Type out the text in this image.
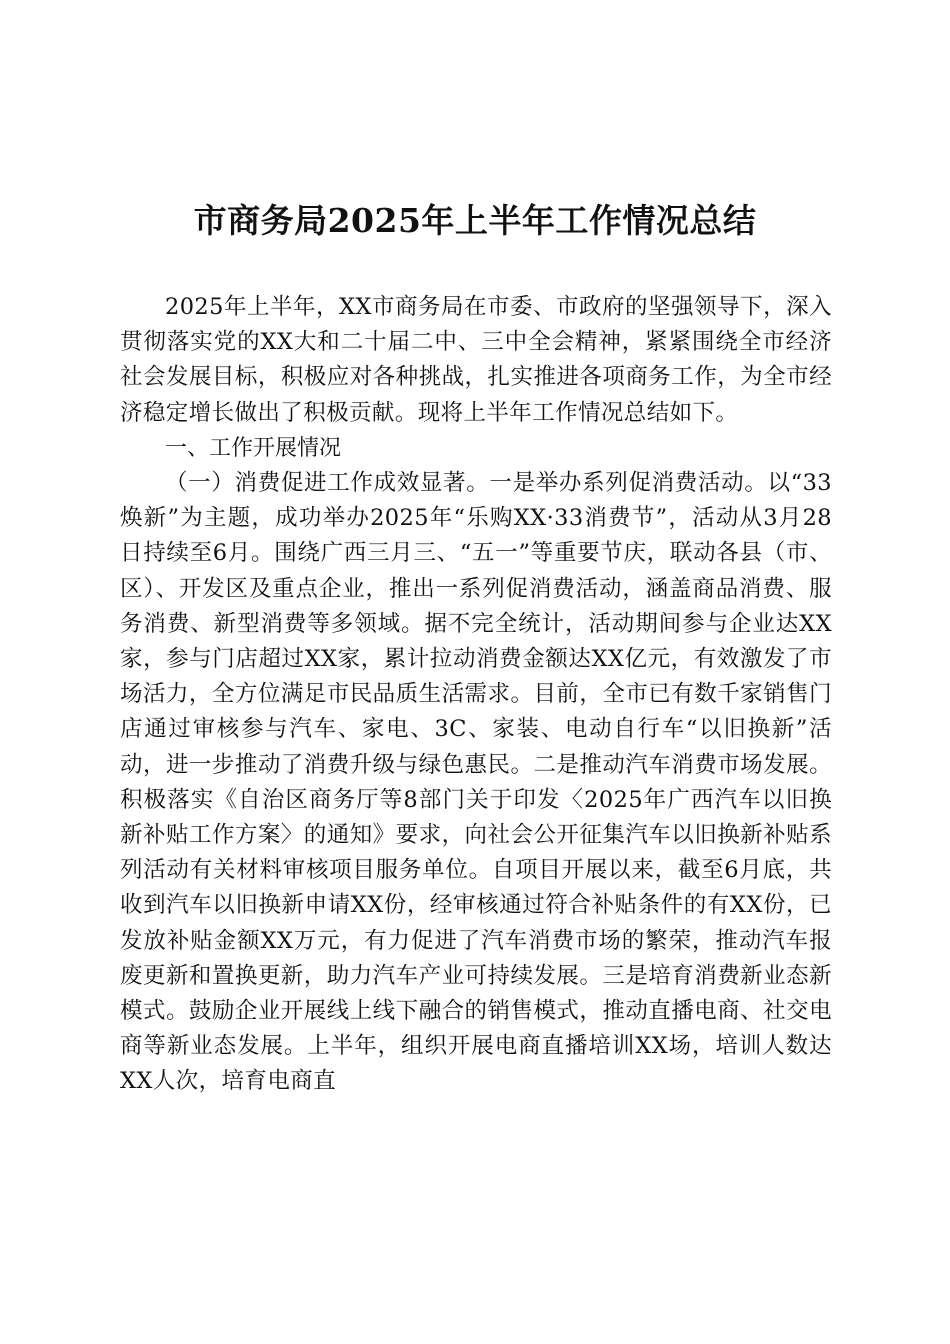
市商务局2025年上半年工作情况总结

2025年上半年，XX市商务局在市委、市政府的坚强领导下，深入贯彻落实党的XX大和二十届二中、三中全会精神，紧紧围绕全市经济社会发展目标，积极应对各种挑战，扎实推进各项商务工作，为全市经济稳定增长做出了积极贡献。现将上半年工作情况总结如下。

一、工作开展情况

（一）消费促进工作成效显著。一是举办系列促消费活动。以“33焕新”为主题，成功举办2025年“乐购XX·33消费节”，活动从3月28日持续至6月。围绕广西三月三、“五一”等重要节庆，联动各县（市、区）、开发区及重点企业，推出一系列促消费活动，涵盖商品消费、服务消费、新型消费等多领域。据不完全统计，活动期间参与企业达XX家，参与门店超过XX家，累计拉动消费金额达XX亿元，有效激发了市场活力，全方位满足市民品质生活需求。目前，全市已有数千家销售门店通过审核参与汽车、家电、3C、家装、电动自行车“以旧换新”活动，进一步推动了消费升级与绿色惠民。二是推动汽车消费市场发展。积极落实《自治区商务厅等8部门关于印发〈2025年广西汽车以旧换新补贴工作方案〉的通知》要求，向社会公开征集汽车以旧换新补贴系列活动有关材料审核项目服务单位。自项目开展以来，截至6月底，共收到汽车以旧换新申请XX份，经审核通过符合补贴条件的有XX份，已发放补贴金额XX万元，有力促进了汽车消费市场的繁荣，推动汽车报废更新和置换更新，助力汽车产业可持续发展。三是培育消费新业态新模式。鼓励企业开展线上线下融合的销售模式，推动直播电商、社交电商等新业态发展。上半年，组织开展电商直播培训XX场，培训人数达XX人次，培育电商直
